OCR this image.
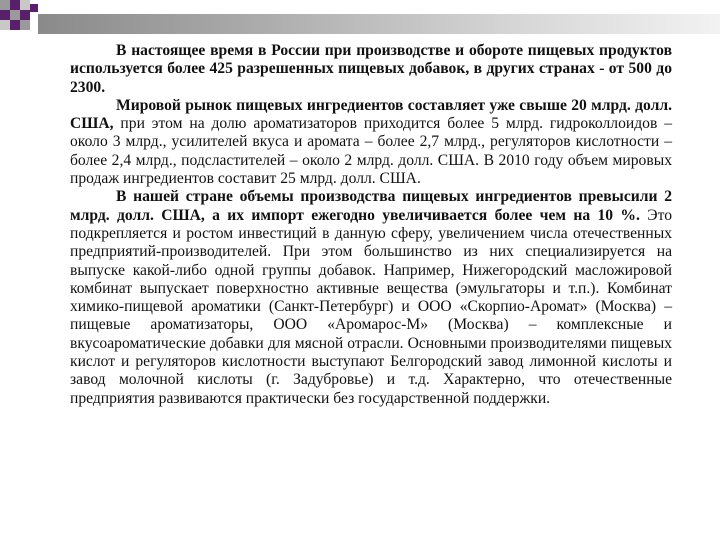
В настоящее время в России при производстве и обороте пищевых продуктов используется более 425 разрешенных пищевых добавок, в других странах - от 500 до 2300.

Мировой рынок пищевых ингредиентов составляет уже свыше 20 млрд. долл. США, при этом на долю ароматизаторов приходится более 5 млрд. гидроколлоидов – около 3 млрд., усилителей вкуса и аромата – более 2,7 млрд., регуляторов кислотности – более 2,4 млрд., подсластителей – около 2 млрд. долл. США. В 2010 году объем мировых продаж ингредиентов составит 25 млрд. долл. США.

В нашей стране объемы производства пищевых ингредиентов превысили 2 млрд. долл. США, а их импорт ежегодно увеличивается более чем на 10 %. Это подкрепляется и ростом инвестиций в данную сферу, увеличением числа отечественных предприятий-производителей. При этом большинство из них специализируется на выпуске какой-либо одной группы добавок. Например, Нижегородский масложировой комбинат выпускает поверхностно активные вещества (эмульгаторы и т.п.). Комбинат химико-пищевой ароматики (Санкт-Петербург) и ООО «Скорпио-Аромат» (Москва) – пищевые ароматизаторы, ООО «Аромарос-М» (Москва) – комплексные и вкусоароматические добавки для мясной отрасли. Основными производителями пищевых кислот и регуляторов кислотности выступают Белгородский завод лимонной кислоты и завод молочной кислоты (г. Задубровье) и т.д. Характерно, что отечественные предприятия развиваются практически без государственной поддержки.
